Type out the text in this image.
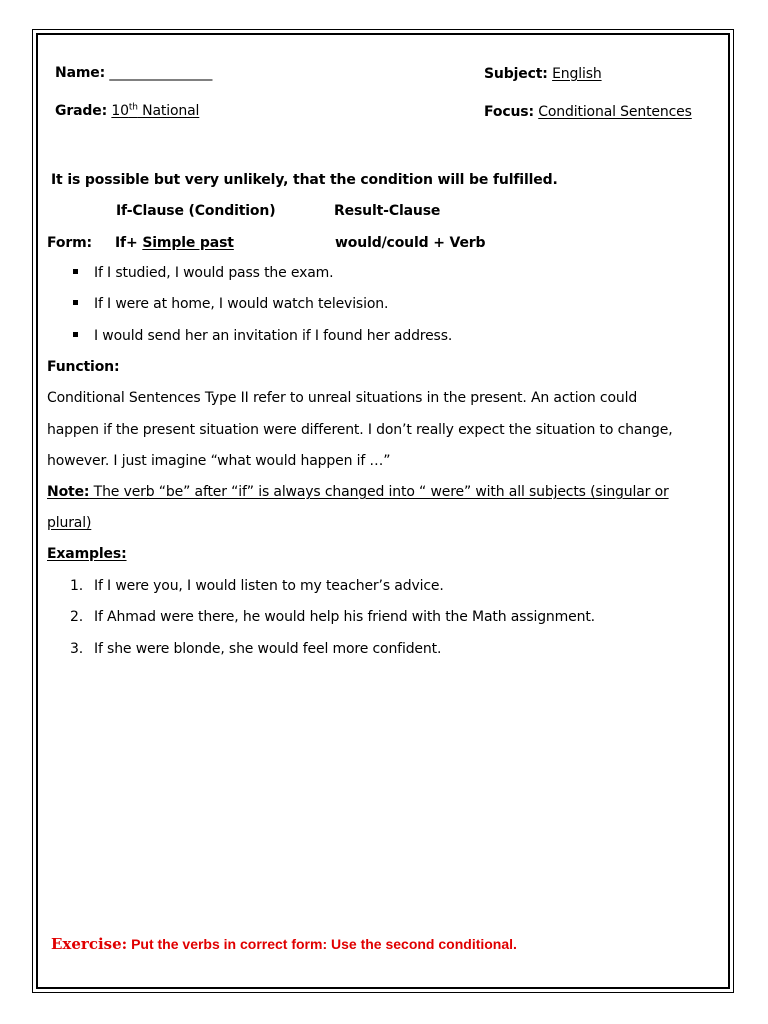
Name: _______________	Subject: English
Grade: 10th National	Focus: Conditional Sentences
It is possible but very unlikely, that the condition will be fulfilled.
If-Clause (Condition)	Result-Clause
Form: If+ Simple past	would/could + Verb
If I studied, I would pass the exam.
If I were at home, I would watch television.
I would send her an invitation if I found her address.
Function:
Conditional Sentences Type II refer to unreal situations in the present. An action could
happen if the present situation were different. I don’t really expect the situation to change,
however. I just imagine “what would happen if …”
Note: The verb “be” after “if” is always changed into “ were” with all subjects (singular or
plural)
Examples:
1. If I were you, I would listen to my teacher’s advice.
2. If Ahmad were there, he would help his friend with the Math assignment.
3. If she were blonde, she would feel more confident.
Exercise: Put the verbs in correct form: Use the second conditional.
